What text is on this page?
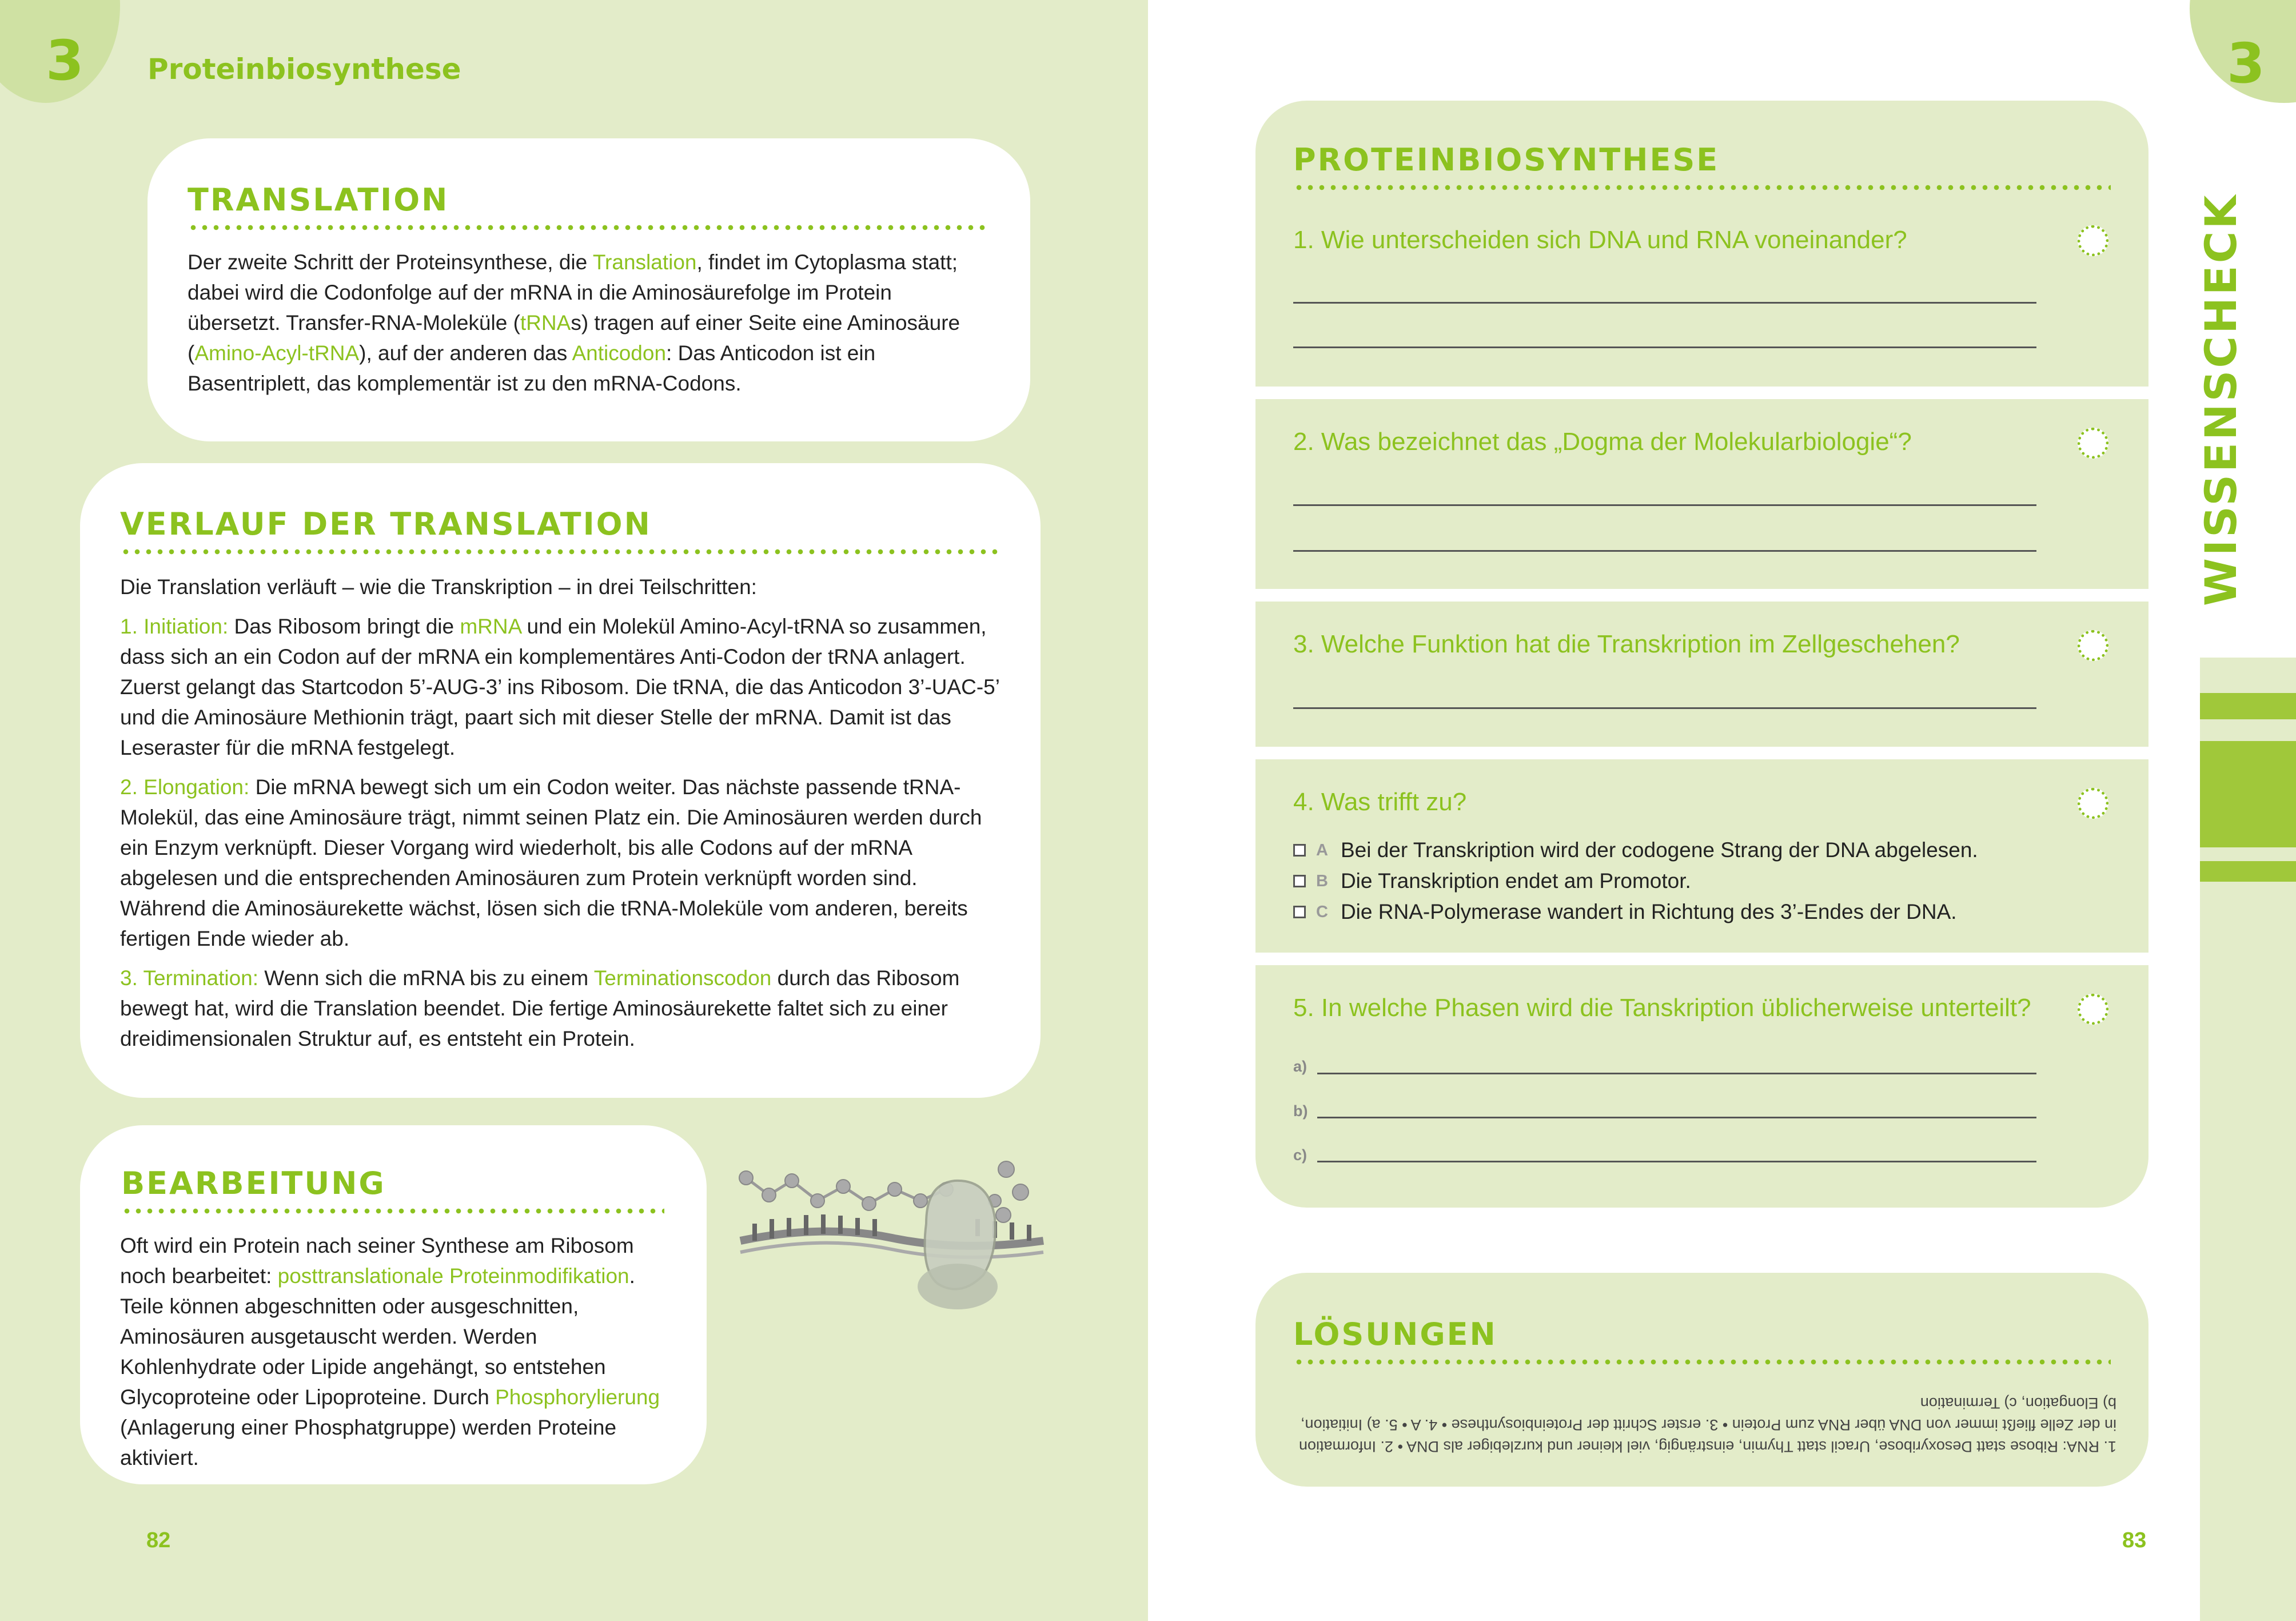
3 Proteinbiosynthese
TRANSLATION
Der zweite Schritt der Proteinsynthese, die Translation, findet im Cytoplasma statt; dabei wird die Codonfolge auf der mRNA in die Aminosäurefolge im Protein übersetzt. Transfer-RNA-Moleküle (tRNAs) tragen auf einer Seite eine Aminosäure (Amino-Acyl-tRNA), auf der anderen das Anticodon: Das Anticodon ist ein Basentriplett, das komplementär ist zu den mRNA-Codons.
VERLAUF DER TRANSLATION
Die Translation verläuft – wie die Transkription – in drei Teilschritten:
1. Initiation: Das Ribosom bringt die mRNA und ein Molekül Amino-Acyl-tRNA so zusammen, dass sich an ein Codon auf der mRNA ein komplementäres Anti-Codon der tRNA anlagert. Zuerst gelangt das Startcodon 5’-AUG-3’ ins Ribosom. Die tRNA, die das Anticodon 3’-UAC-5’ und die Aminosäure Methionin trägt, paart sich mit dieser Stelle der mRNA. Damit ist das Leseraster für die mRNA festgelegt.
2. Elongation: Die mRNA bewegt sich um ein Codon weiter. Das nächste passende tRNA-Molekül, das eine Aminosäure trägt, nimmt seinen Platz ein. Die Aminosäuren werden durch ein Enzym verknüpft. Dieser Vorgang wird wiederholt, bis alle Codons auf der mRNA abgelesen und die entsprechenden Aminosäuren zum Protein verknüpft worden sind. Während die Aminosäurekette wächst, lösen sich die tRNA-Moleküle vom anderen, bereits fertigen Ende wieder ab.
3. Termination: Wenn sich die mRNA bis zu einem Terminationscodon durch das Ribosom bewegt hat, wird die Translation beendet. Die fertige Aminosäurekette faltet sich zu einer dreidimensionalen Struktur auf, es entsteht ein Protein.
BEARBEITUNG
Oft wird ein Protein nach seiner Synthese am Ribosom noch bearbeitet: posttranslationale Proteinmodifikation. Teile können abgeschnitten oder ausgeschnitten, Aminosäuren ausgetauscht werden. Werden Kohlenhydrate oder Lipide angehängt, so entstehen Glycoproteine oder Lipoproteine. Durch Phosphorylierung (Anlagerung einer Phosphatgruppe) werden Proteine aktiviert.
82
3
PROTEINBIOSYNTHESE
1. Wie unterscheiden sich DNA und RNA voneinander?
2. Was bezeichnet das „Dogma der Molekularbiologie“?
3. Welche Funktion hat die Transkription im Zellgeschehen?
4. Was trifft zu?
A Bei der Transkription wird der codogene Strang der DNA abgelesen.
B Die Transkription endet am Promotor.
C Die RNA-Polymerase wandert in Richtung des 3’-Endes der DNA.
5. In welche Phasen wird die Tanskription üblicherweise unterteilt?
a)
b)
c)
LÖSUNGEN
1. RNA: Ribose statt Desoxyribose, Uracil statt Thymin, einsträngig, viel kleiner und kurzlebiger als DNA • 2. Information in der Zelle fließt immer von DNA über RNA zum Protein • 3. erster Schritt der Proteinbiosynthese • 4. A • 5. a) Initiation, b) Elongation, c) Termination
83
